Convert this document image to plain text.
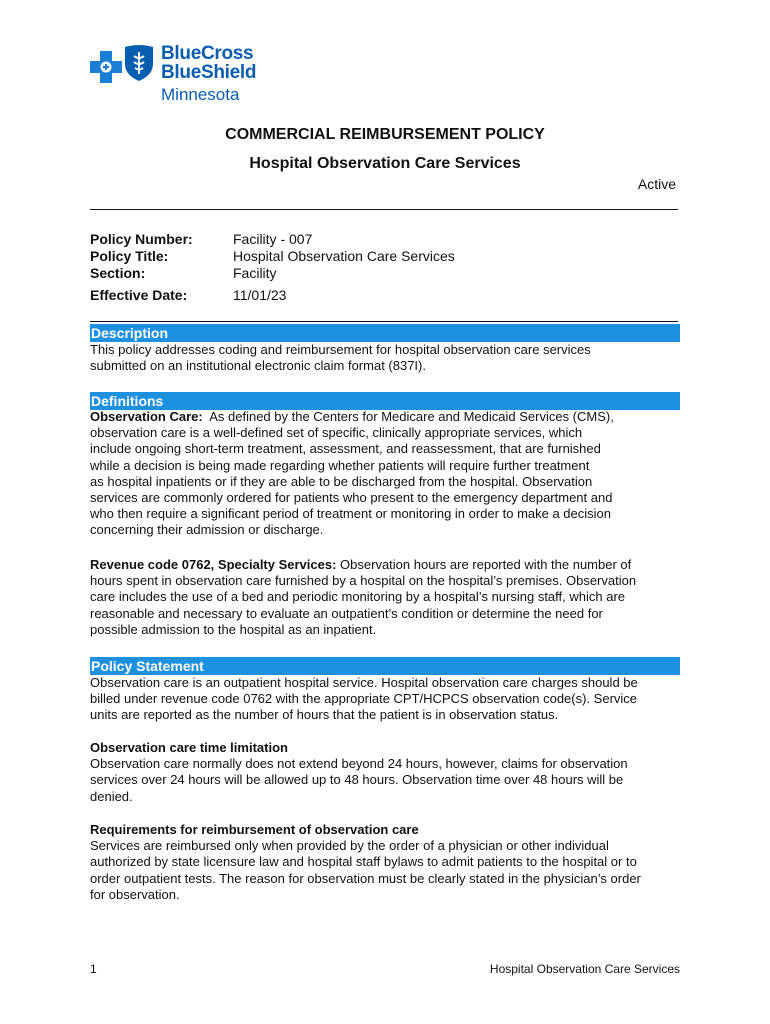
BlueCross
BlueShield
Minnesota
COMMERCIAL REIMBURSEMENT POLICY
Hospital Observation Care Services
Active
Policy Number:	Facility - 007
Policy Title:	Hospital Observation Care Services
Section:	Facility
Effective Date:	11/01/23
Description
This policy addresses coding and reimbursement for hospital observation care services
submitted on an institutional electronic claim format (837I).
Definitions
Observation Care: As defined by the Centers for Medicare and Medicaid Services (CMS),
observation care is a well-defined set of specific, clinically appropriate services, which
include ongoing short-term treatment, assessment, and reassessment, that are furnished
while a decision is being made regarding whether patients will require further treatment
as hospital inpatients or if they are able to be discharged from the hospital. Observation
services are commonly ordered for patients who present to the emergency department and
who then require a significant period of treatment or monitoring in order to make a decision
concerning their admission or discharge.
Revenue code 0762, Specialty Services: Observation hours are reported with the number of
hours spent in observation care furnished by a hospital on the hospital’s premises. Observation
care includes the use of a bed and periodic monitoring by a hospital’s nursing staff, which are
reasonable and necessary to evaluate an outpatient’s condition or determine the need for
possible admission to the hospital as an inpatient.
Policy Statement
Observation care is an outpatient hospital service. Hospital observation care charges should be
billed under revenue code 0762 with the appropriate CPT/HCPCS observation code(s). Service
units are reported as the number of hours that the patient is in observation status.
Observation care time limitation
Observation care normally does not extend beyond 24 hours, however, claims for observation
services over 24 hours will be allowed up to 48 hours. Observation time over 48 hours will be
denied.
Requirements for reimbursement of observation care
Services are reimbursed only when provided by the order of a physician or other individual
authorized by state licensure law and hospital staff bylaws to admit patients to the hospital or to
order outpatient tests. The reason for observation must be clearly stated in the physician’s order
for observation.
1	Hospital Observation Care Services
